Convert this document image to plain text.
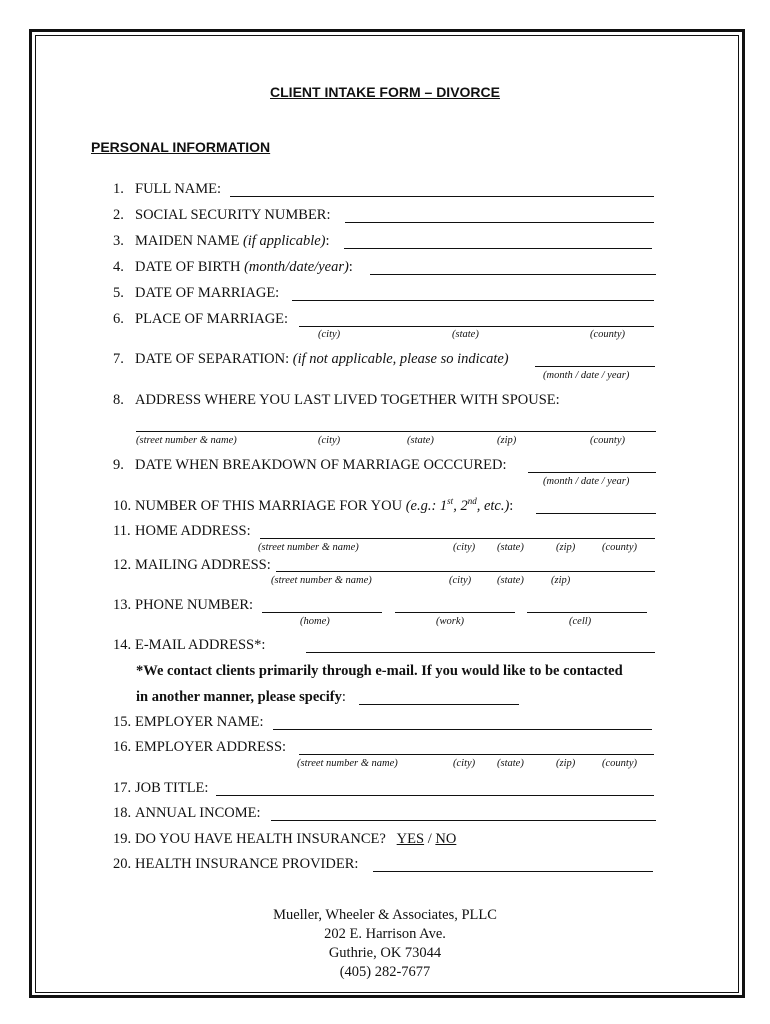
CLIENT INTAKE FORM – DIVORCE
PERSONAL INFORMATION
1. FULL NAME:
2. SOCIAL SECURITY NUMBER:
3. MAIDEN NAME (if applicable):
4. DATE OF BIRTH (month/date/year):
5. DATE OF MARRIAGE:
6. PLACE OF MARRIAGE:
(city)	(state)	(county)
7. DATE OF SEPARATION: (if not applicable, please so indicate)
(month / date / year)
8. ADDRESS WHERE YOU LAST LIVED TOGETHER WITH SPOUSE:
(street number & name)	(city)	(state)	(zip)	(county)
9. DATE WHEN BREAKDOWN OF MARRIAGE OCCCURED:
(month / date / year)
10. NUMBER OF THIS MARRIAGE FOR YOU (e.g.: 1st, 2nd, etc.):
11. HOME ADDRESS:
(street number & name)	(city) (state)	(zip)	(county)
12. MAILING ADDRESS:
(street number & name)	(city) (state)	(zip)
13. PHONE NUMBER:
(home)	(work)	(cell)
14. E-MAIL ADDRESS*:
*We contact clients primarily through e-mail. If you would like to be contacted
in another manner, please specify:
15. EMPLOYER NAME:
16. EMPLOYER ADDRESS:
(street number & name)	(city) (state)	(zip)	(county)
17. JOB TITLE:
18. ANNUAL INCOME:
19. DO YOU HAVE HEALTH INSURANCE? YES / NO
20. HEALTH INSURANCE PROVIDER:
Mueller, Wheeler & Associates, PLLC
202 E. Harrison Ave.
Guthrie, OK 73044
(405) 282-7677
